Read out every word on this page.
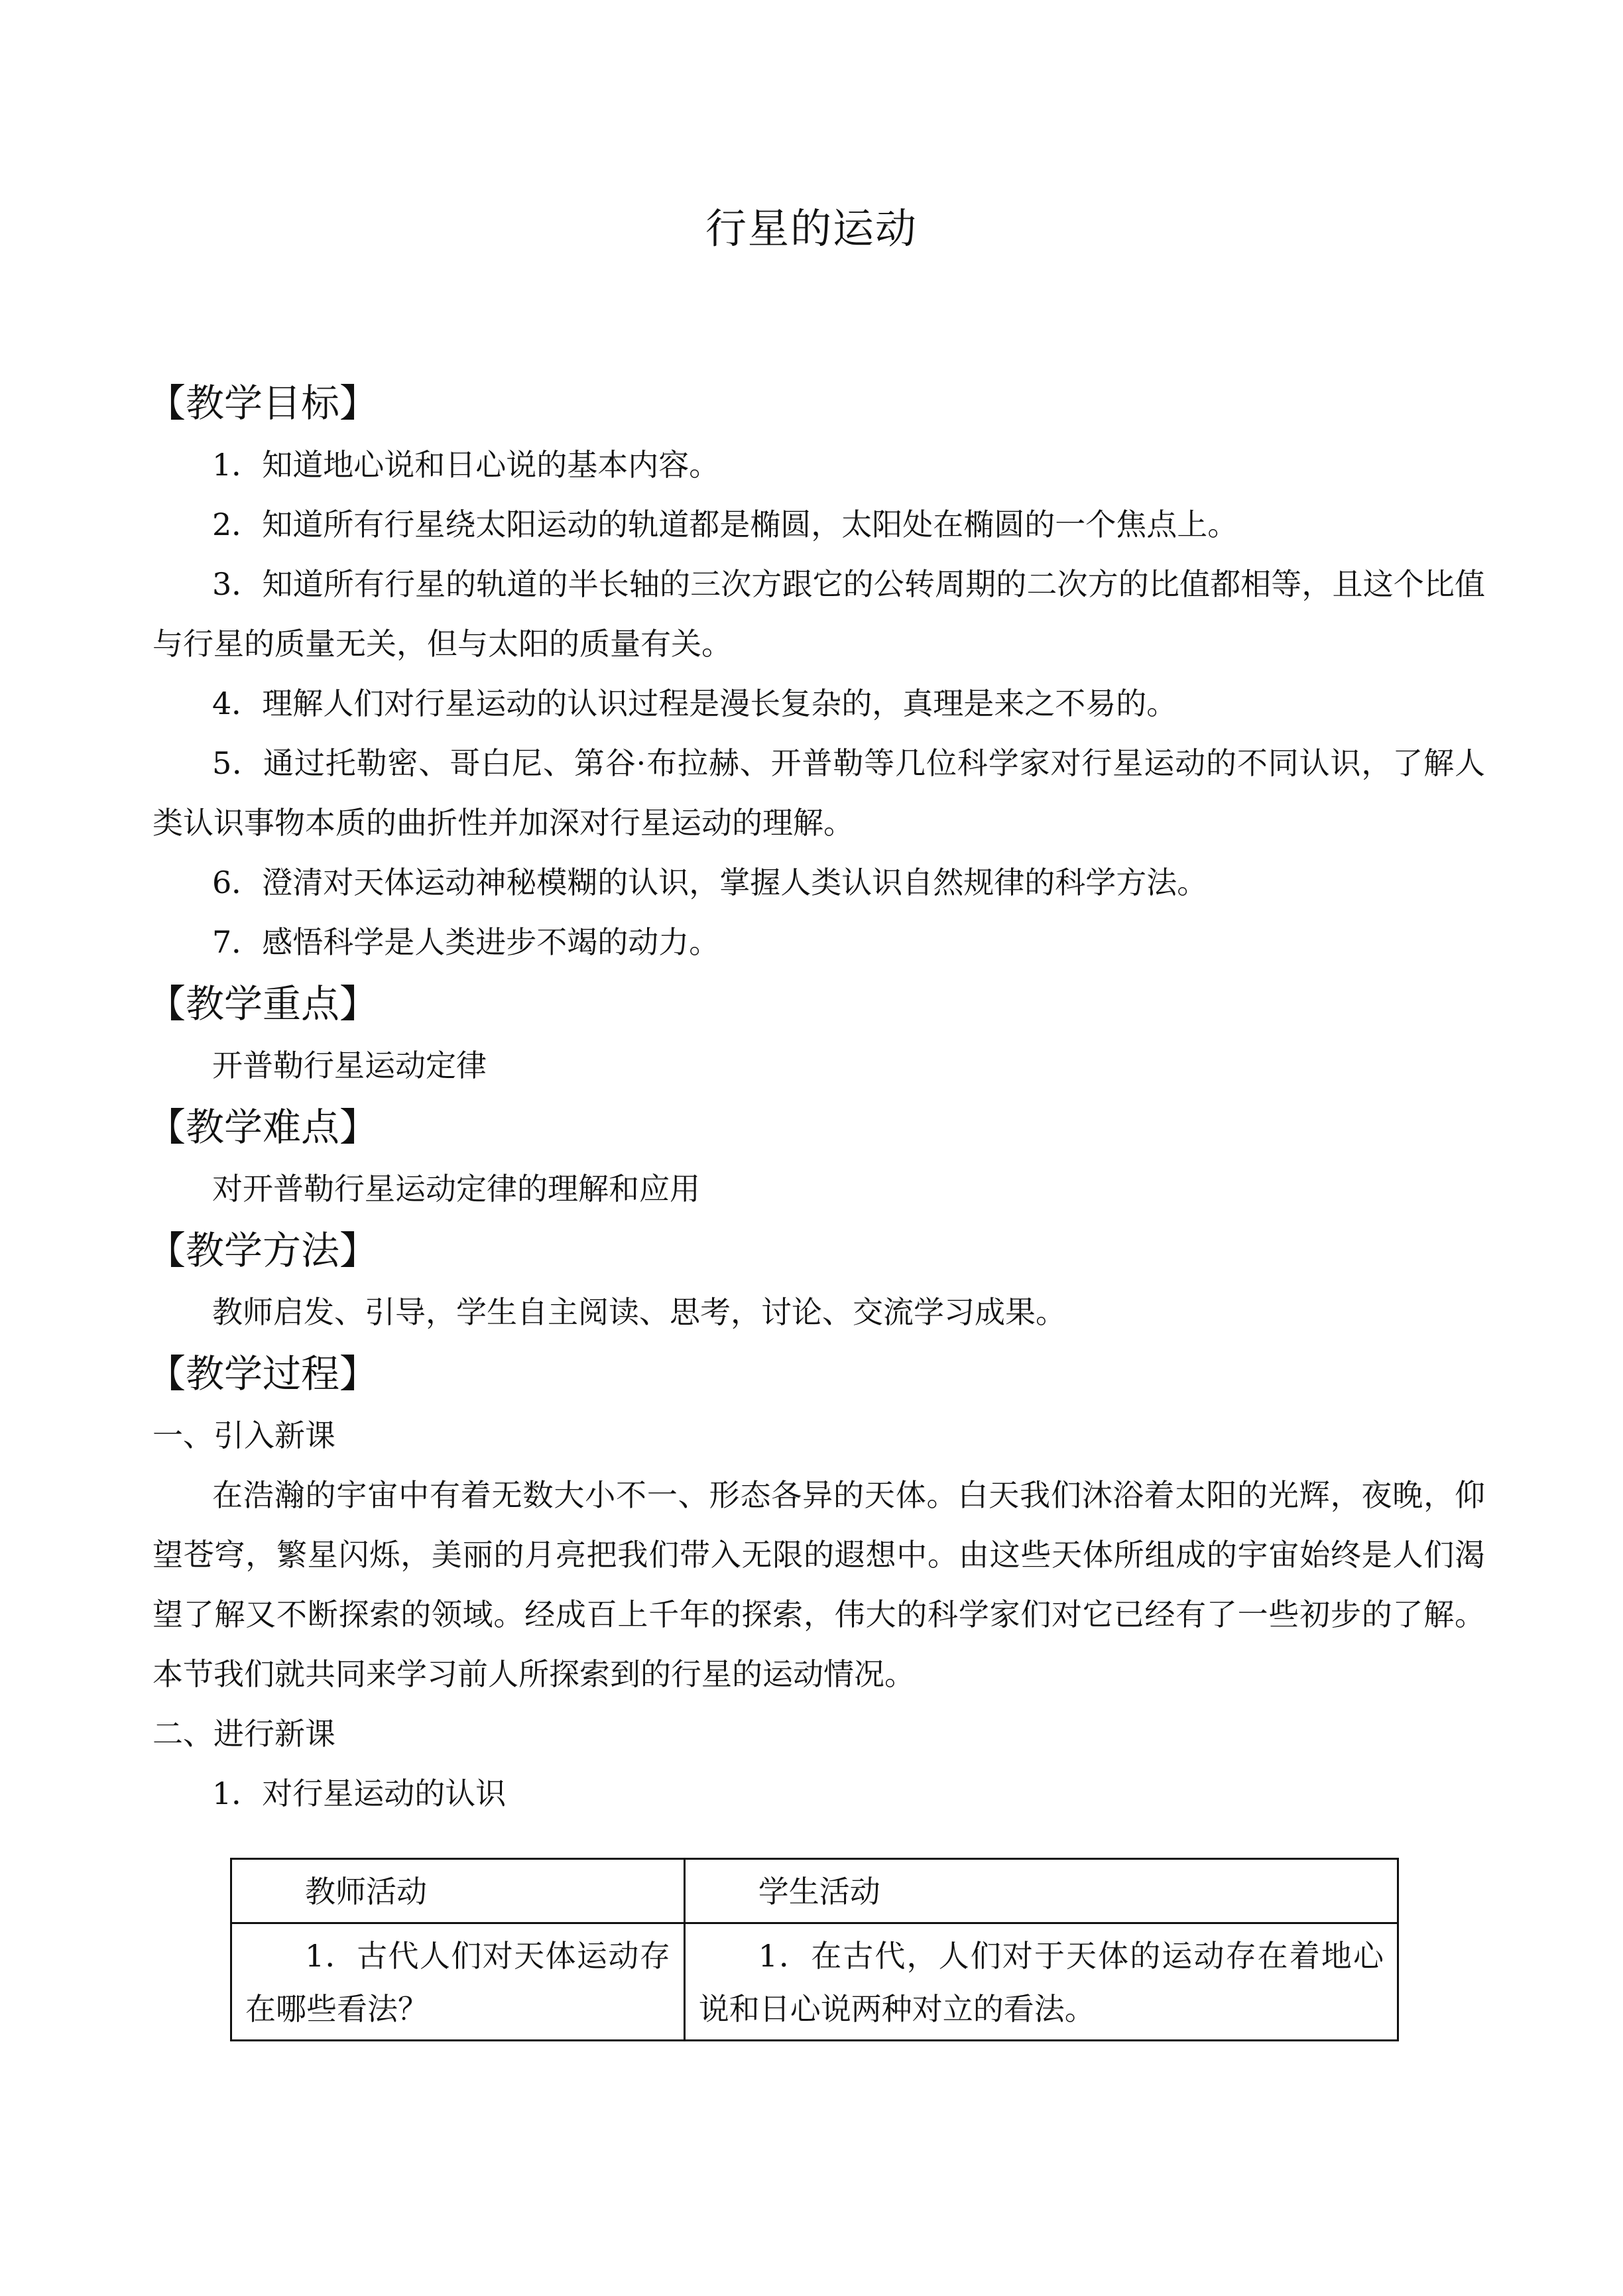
行星的运动
【教学目标】

1．知道地心说和日心说的基本内容。

2．知道所有行星绕太阳运动的轨道都是椭圆，太阳处在椭圆的一个焦点上。

3．知道所有行星的轨道的半长轴的三次方跟它的公转周期的二次方的比值都相等，且这个比值与行星的质量无关，但与太阳的质量有关。

4．理解人们对行星运动的认识过程是漫长复杂的，真理是来之不易的。

5．通过托勒密、哥白尼、第谷·布拉赫、开普勒等几位科学家对行星运动的不同认识，了解人类认识事物本质的曲折性并加深对行星运动的理解。

6．澄清对天体运动神秘模糊的认识，掌握人类认识自然规律的科学方法。

7．感悟科学是人类进步不竭的动力。

【教学重点】

开普勒行星运动定律

【教学难点】

对开普勒行星运动定律的理解和应用

【教学方法】

教师启发、引导，学生自主阅读、思考，讨论、交流学习成果。

【教学过程】

一、引入新课

在浩瀚的宇宙中有着无数大小不一、形态各异的天体。白天我们沐浴着太阳的光辉，夜晚，仰望苍穹，繁星闪烁，美丽的月亮把我们带入无限的遐想中。由这些天体所组成的宇宙始终是人们渴望了解又不断探索的领域。经成百上千年的探索，伟大的科学家们对它已经有了一些初步的了解。本节我们就共同来学习前人所探索到的行星的运动情况。

二、进行新课

1．对行星运动的认识

教师活动	学生活动
1．古代人们对天体运动存在哪些看法？	1．在古代，人们对于天体的运动存在着地心说和日心说两种对立的看法。
